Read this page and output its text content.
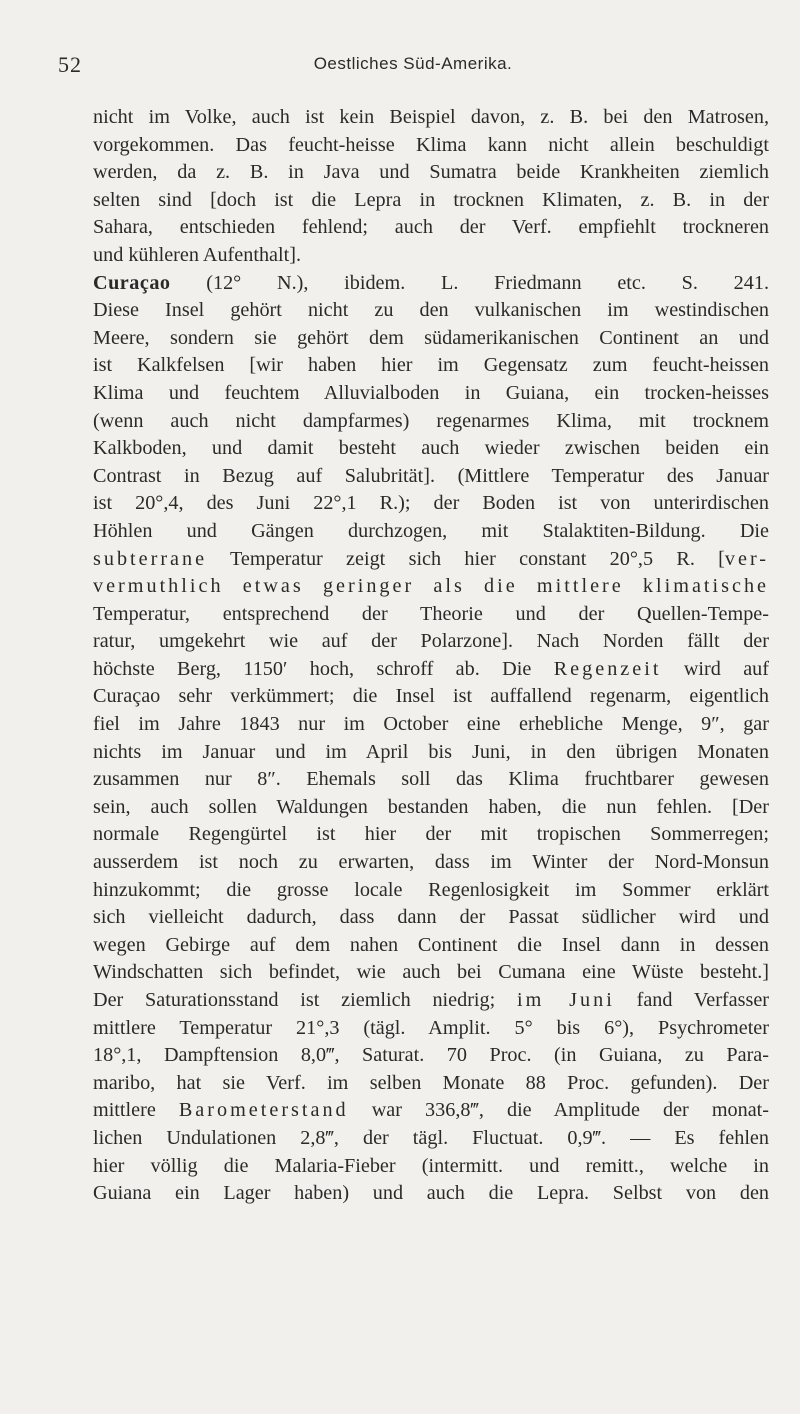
52	Oestliches Süd-Amerika.
nicht im Volke, auch ist kein Beispiel davon, z. B. bei den Matrosen,
vorgekommen. Das feucht-heisse Klima kann nicht allein beschuldigt
werden, da z. B. in Java und Sumatra beide Krankheiten ziemlich
selten sind [doch ist die Lepra in trocknen Klimaten, z. B. in der
Sahara, entschieden fehlend; auch der Verf. empfiehlt trockneren
und kühleren Aufenthalt].
Curaçao (12° N.), ibidem. L. Friedmann etc. S. 241.
Diese Insel gehört nicht zu den vulkanischen im westindischen
Meere, sondern sie gehört dem südamerikanischen Continent an und
ist Kalkfelsen [wir haben hier im Gegensatz zum feucht-heissen
Klima und feuchtem Alluvialboden in Guiana, ein trocken-heisses
(wenn auch nicht dampfarmes) regenarmes Klima, mit trocknem
Kalkboden, und damit besteht auch wieder zwischen beiden ein
Contrast in Bezug auf Salubrität]. (Mittlere Temperatur des Januar
ist 20°,4, des Juni 22°,1 R.); der Boden ist von unterirdischen
Höhlen und Gängen durchzogen, mit Stalaktiten-Bildung. Die
subterrane Temperatur zeigt sich hier constant 20°,5 R. [ver-
vermuthlich etwas geringer als die mittlere klimatische
Temperatur, entsprechend der Theorie und der Quellen-Tempe-
ratur, umgekehrt wie auf der Polarzone]. Nach Norden fällt der
höchste Berg, 1150′ hoch, schroff ab. Die Regenzeit wird auf
Curaçao sehr verkümmert; die Insel ist auffallend regenarm, eigentlich
fiel im Jahre 1843 nur im October eine erhebliche Menge, 9″, gar
nichts im Januar und im April bis Juni, in den übrigen Monaten
zusammen nur 8″. Ehemals soll das Klima fruchtbarer gewesen
sein, auch sollen Waldungen bestanden haben, die nun fehlen. [Der
normale Regengürtel ist hier der mit tropischen Sommerregen;
ausserdem ist noch zu erwarten, dass im Winter der Nord-Monsun
hinzukommt; die grosse locale Regenlosigkeit im Sommer erklärt
sich vielleicht dadurch, dass dann der Passat südlicher wird und
wegen Gebirge auf dem nahen Continent die Insel dann in dessen
Windschatten sich befindet, wie auch bei Cumana eine Wüste besteht.]
Der Saturationsstand ist ziemlich niedrig; im Juni fand Verfasser
mittlere Temperatur 21°,3 (tägl. Amplit. 5° bis 6°), Psychrometer
18°,1, Dampftension 8,0‴, Saturat. 70 Proc. (in Guiana, zu Para-
maribo, hat sie Verf. im selben Monate 88 Proc. gefunden). Der
mittlere Barometerstand war 336,8‴, die Amplitude der monat-
lichen Undulationen 2,8‴, der tägl. Fluctuat. 0,9‴. — Es fehlen
hier völlig die Malaria-Fieber (intermitt. und remitt., welche in
Guiana ein Lager haben) und auch die Lepra. Selbst von den
